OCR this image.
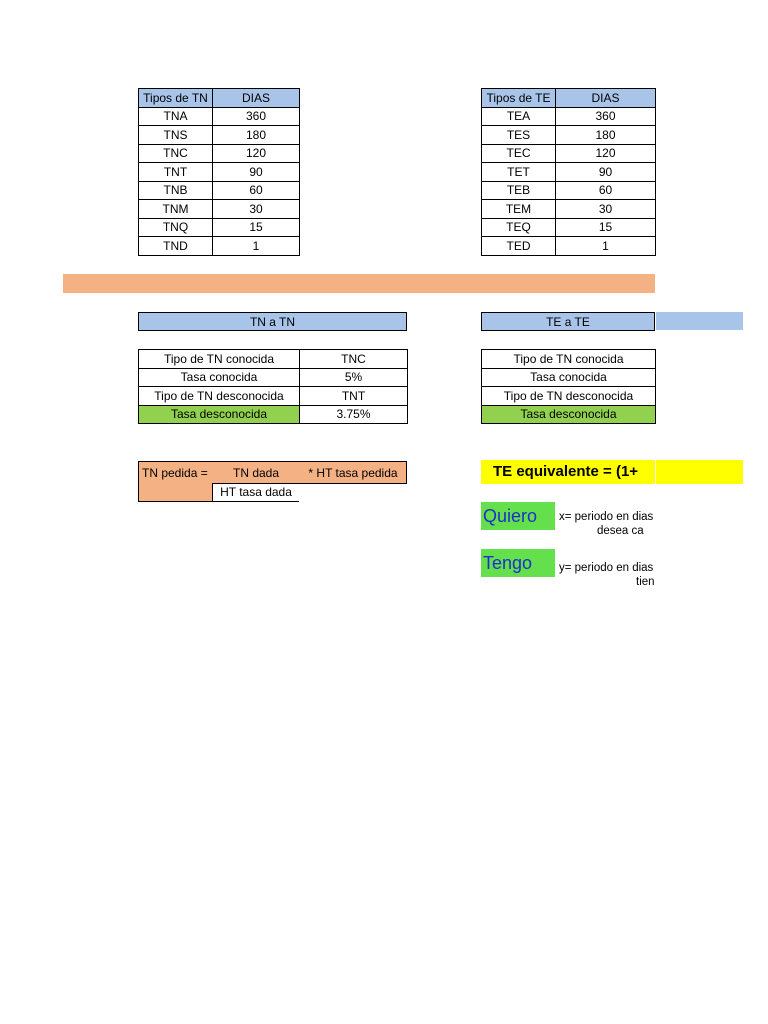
Tipos de TN	DIAS
TNA	360
TNS	180
TNC	120
TNT	90
TNB	60
TNM	30
TNQ	15
TND	1
Tipos de TE	DIAS
TEA	360
TES	180
TEC	120
TET	90
TEB	60
TEM	30
TEQ	15
TED	1
TN a TN	TE a TE
Tipo de TN conocida	TNC
Tasa conocida	5%
Tipo de TN desconocida	TNT
Tasa desconocida	3.75%
Tipo de TN conocida
Tasa conocida
Tipo de TN desconocida
Tasa desconocida
TN pedida =	TN dada	* HT tasa pedida
HT tasa dada
TE equivalente = (1+
Quiero	x= periodo en dias
desea ca
Tengo	y= periodo en dias
tien
